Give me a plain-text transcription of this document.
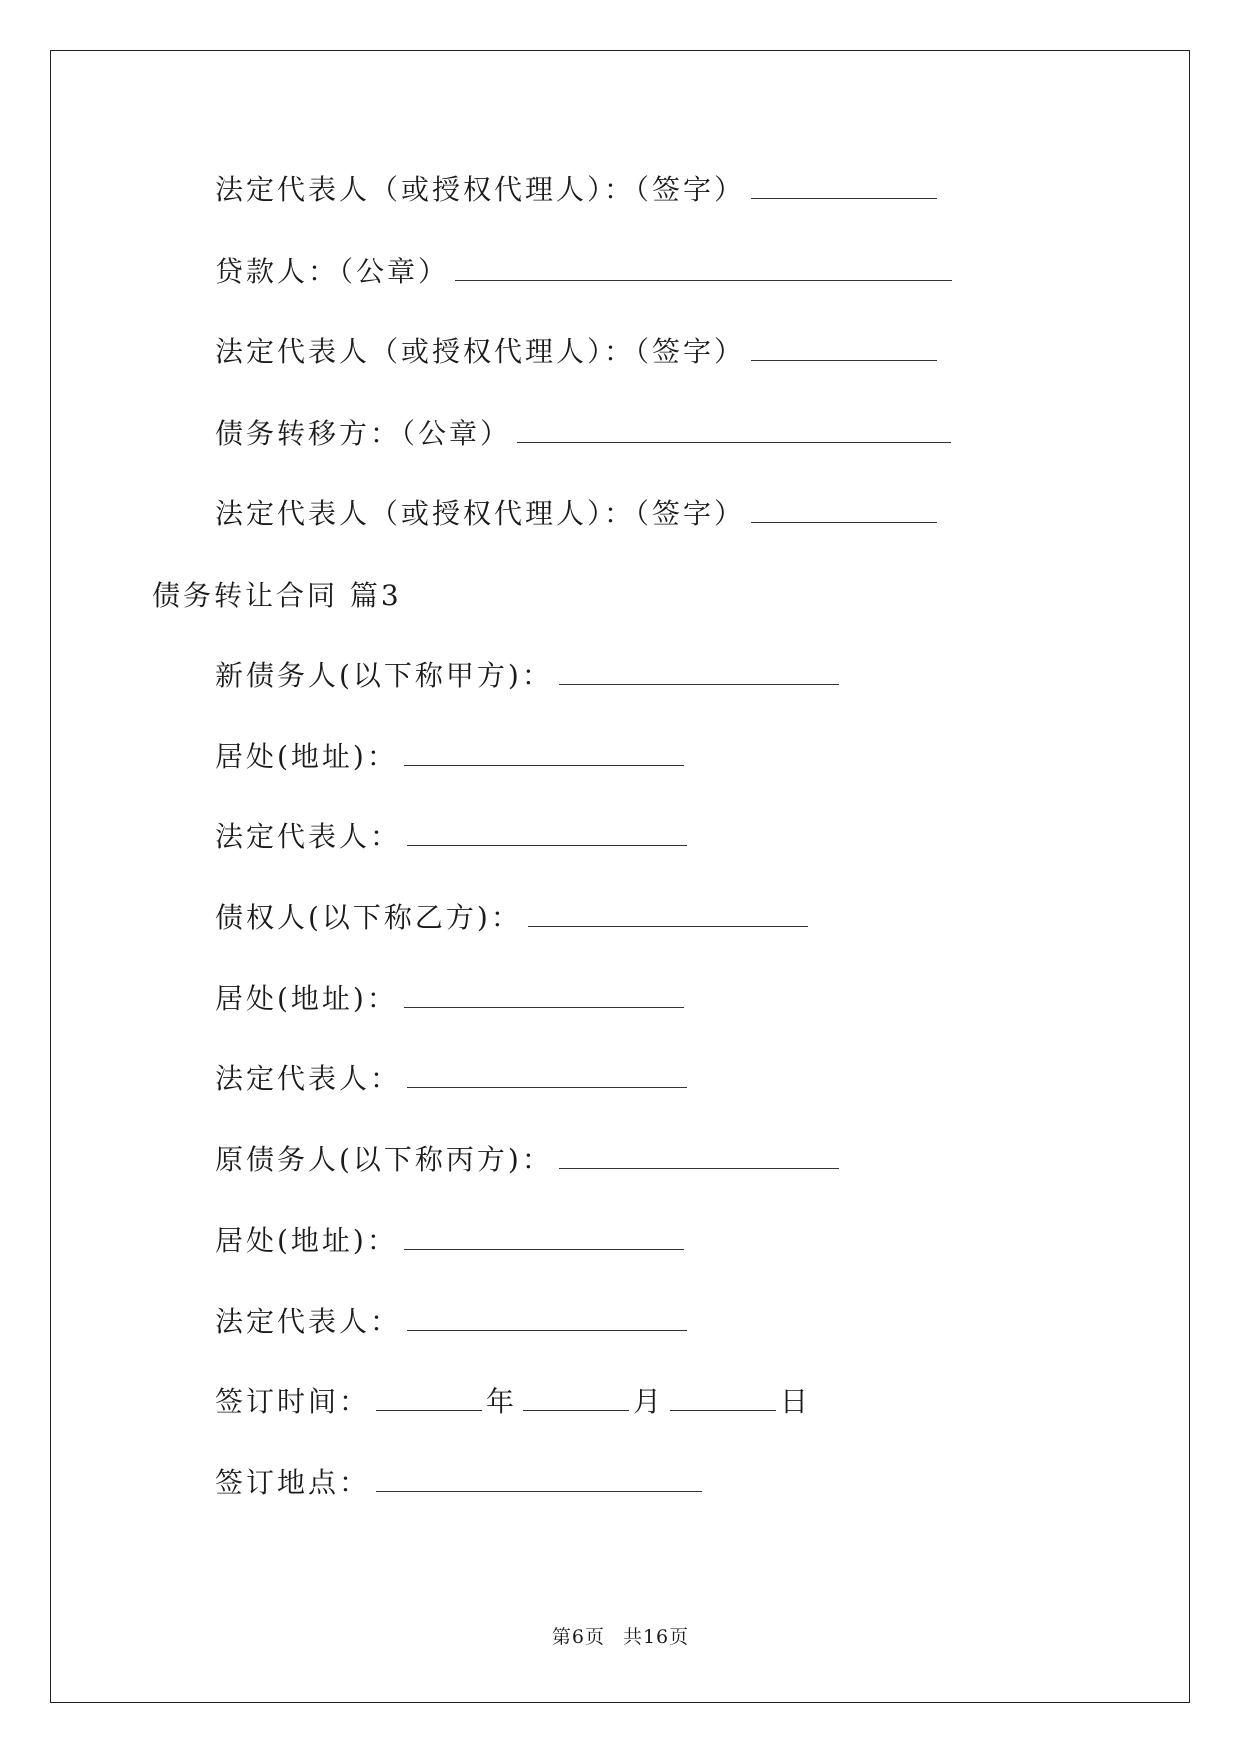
法定代表人（或授权代理人）：（签字）
贷款人：（公章）
法定代表人（或授权代理人）：（签字）
债务转移方：（公章）
法定代表人（或授权代理人）：（签字）
债务转让合同 篇3
新债务人(以下称甲方)：
居处(地址)：
法定代表人：
债权人(以下称乙方)：
居处(地址)：
法定代表人：
原债务人(以下称丙方)：
居处(地址)：
法定代表人：
签订时间：	年	月	日
签订地点：
第6页 共16页
